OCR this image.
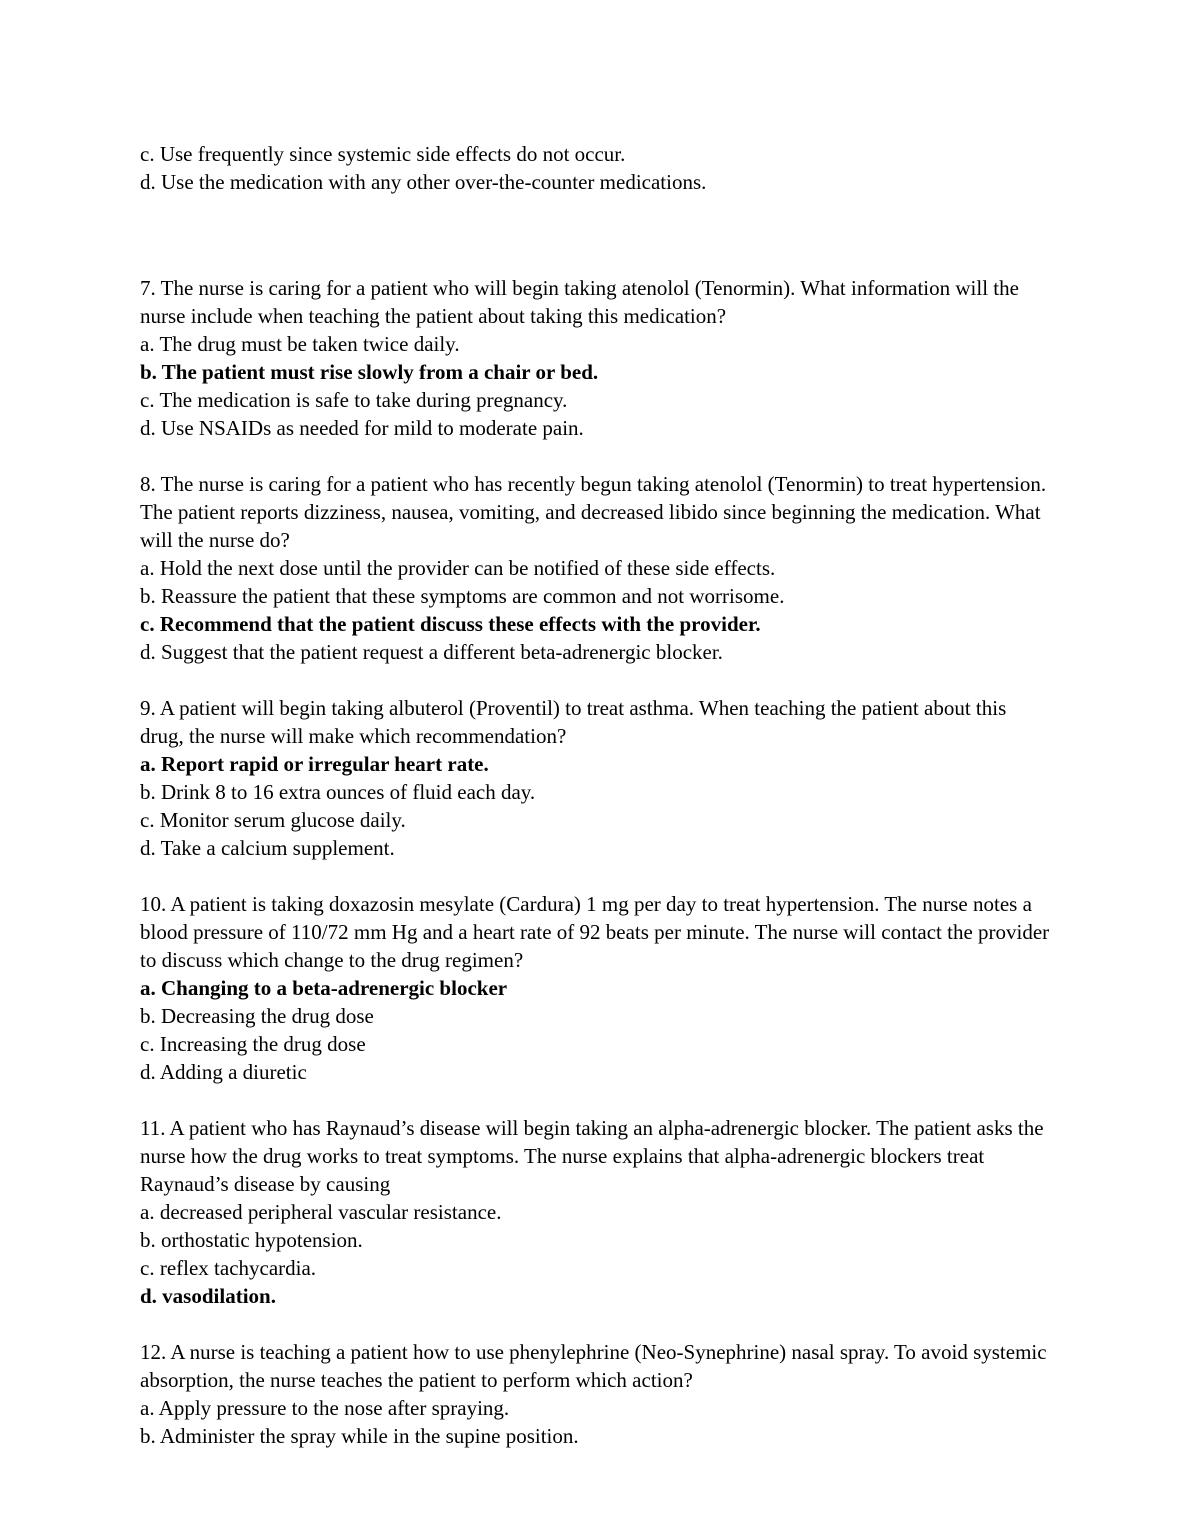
c. Use frequently since systemic side effects do not occur.
d. Use the medication with any other over-the-counter medications.
7. The nurse is caring for a patient who will begin taking atenolol (Tenormin). What information will the nurse include when teaching the patient about taking this medication?
a. The drug must be taken twice daily.
b. The patient must rise slowly from a chair or bed.
c. The medication is safe to take during pregnancy.
d. Use NSAIDs as needed for mild to moderate pain.
8. The nurse is caring for a patient who has recently begun taking atenolol (Tenormin) to treat hypertension. The patient reports dizziness, nausea, vomiting, and decreased libido since beginning the medication. What will the nurse do?
a. Hold the next dose until the provider can be notified of these side effects.
b. Reassure the patient that these symptoms are common and not worrisome.
c. Recommend that the patient discuss these effects with the provider.
d. Suggest that the patient request a different beta-adrenergic blocker.
9. A patient will begin taking albuterol (Proventil) to treat asthma. When teaching the patient about this drug, the nurse will make which recommendation?
a. Report rapid or irregular heart rate.
b. Drink 8 to 16 extra ounces of fluid each day.
c. Monitor serum glucose daily.
d. Take a calcium supplement.
10. A patient is taking doxazosin mesylate (Cardura) 1 mg per day to treat hypertension. The nurse notes a blood pressure of 110/72 mm Hg and a heart rate of 92 beats per minute. The nurse will contact the provider to discuss which change to the drug regimen?
a. Changing to a beta-adrenergic blocker
b. Decreasing the drug dose
c. Increasing the drug dose
d. Adding a diuretic
11. A patient who has Raynaud’s disease will begin taking an alpha-adrenergic blocker. The patient asks the nurse how the drug works to treat symptoms. The nurse explains that alpha-adrenergic blockers treat Raynaud’s disease by causing
a. decreased peripheral vascular resistance.
b. orthostatic hypotension.
c. reflex tachycardia.
d. vasodilation.
12. A nurse is teaching a patient how to use phenylephrine (Neo-Synephrine) nasal spray. To avoid systemic absorption, the nurse teaches the patient to perform which action?
a. Apply pressure to the nose after spraying.
b. Administer the spray while in the supine position.
